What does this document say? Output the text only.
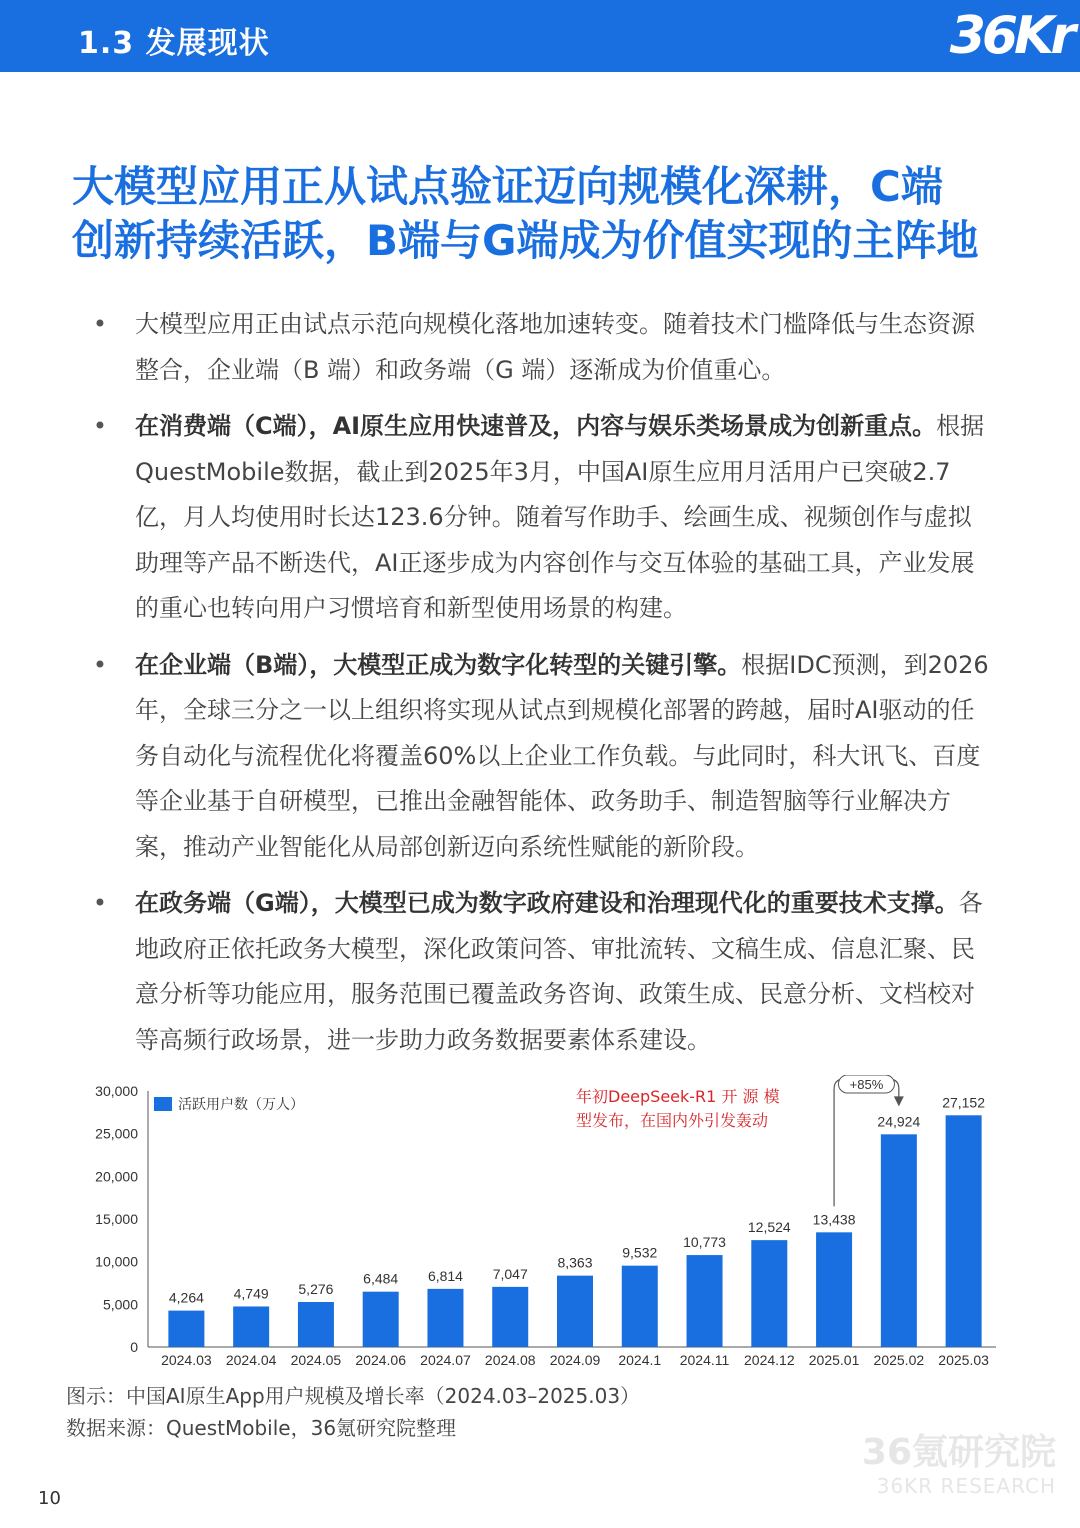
1.3 发展现状	36Kr
大模型应用正从试点验证迈向规模化深耕，C端
创新持续活跃，B端与G端成为价值实现的主阵地
• 大模型应用正由试点示范向规模化落地加速转变。随着技术门槛降低与生态资源整合，企业端（B 端）和政务端（G 端）逐渐成为价值重心。
• 在消费端（C端），AI原生应用快速普及，内容与娱乐类场景成为创新重点。根据QuestMobile数据，截止到2025年3月，中国AI原生应用月活用户已突破2.7亿，月人均使用时长达123.6分钟。随着写作助手、绘画生成、视频创作与虚拟助理等产品不断迭代，AI正逐步成为内容创作与交互体验的基础工具，产业发展的重心也转向用户习惯培育和新型使用场景的构建。
• 在企业端（B端），大模型正成为数字化转型的关键引擎。根据IDC预测，到2026年，全球三分之一以上组织将实现从试点到规模化部署的跨越，届时AI驱动的任务自动化与流程优化将覆盖60%以上企业工作负载。与此同时，科大讯飞、百度等企业基于自研模型，已推出金融智能体、政务助手、制造智脑等行业解决方案，推动产业智能化从局部创新迈向系统性赋能的新阶段。
• 在政务端（G端），大模型已成为数字政府建设和治理现代化的重要技术支撑。各地政府正依托政务大模型，深化政策问答、审批流转、文稿生成、信息汇聚、民意分析等功能应用，服务范围已覆盖政务咨询、政策生成、民意分析、文档校对等高频行政场景，进一步助力政务数据要素体系建设。
0
5,000
10,000
15,000
20,000
25,000
30,000
4,264
2024.03
4,749
2024.04
5,276
2024.05
6,484
2024.06
6,814
2024.07
7,047
2024.08
8,363
2024.09
9,532
2024.1
10,773
2024.11
12,524
2024.12
13,438
2025.01
24,924
2025.02
27,152
2025.03
活跃用户数（万人）	年初DeepSeek-R1 开 源 模
型发布，在国内外引发轰动
+85%
图示：中国AI原生App用户规模及增长率（2024.03–2025.03）
数据来源：QuestMobile，36氪研究院整理
36氪研究院
36KR RESEARCH
10
